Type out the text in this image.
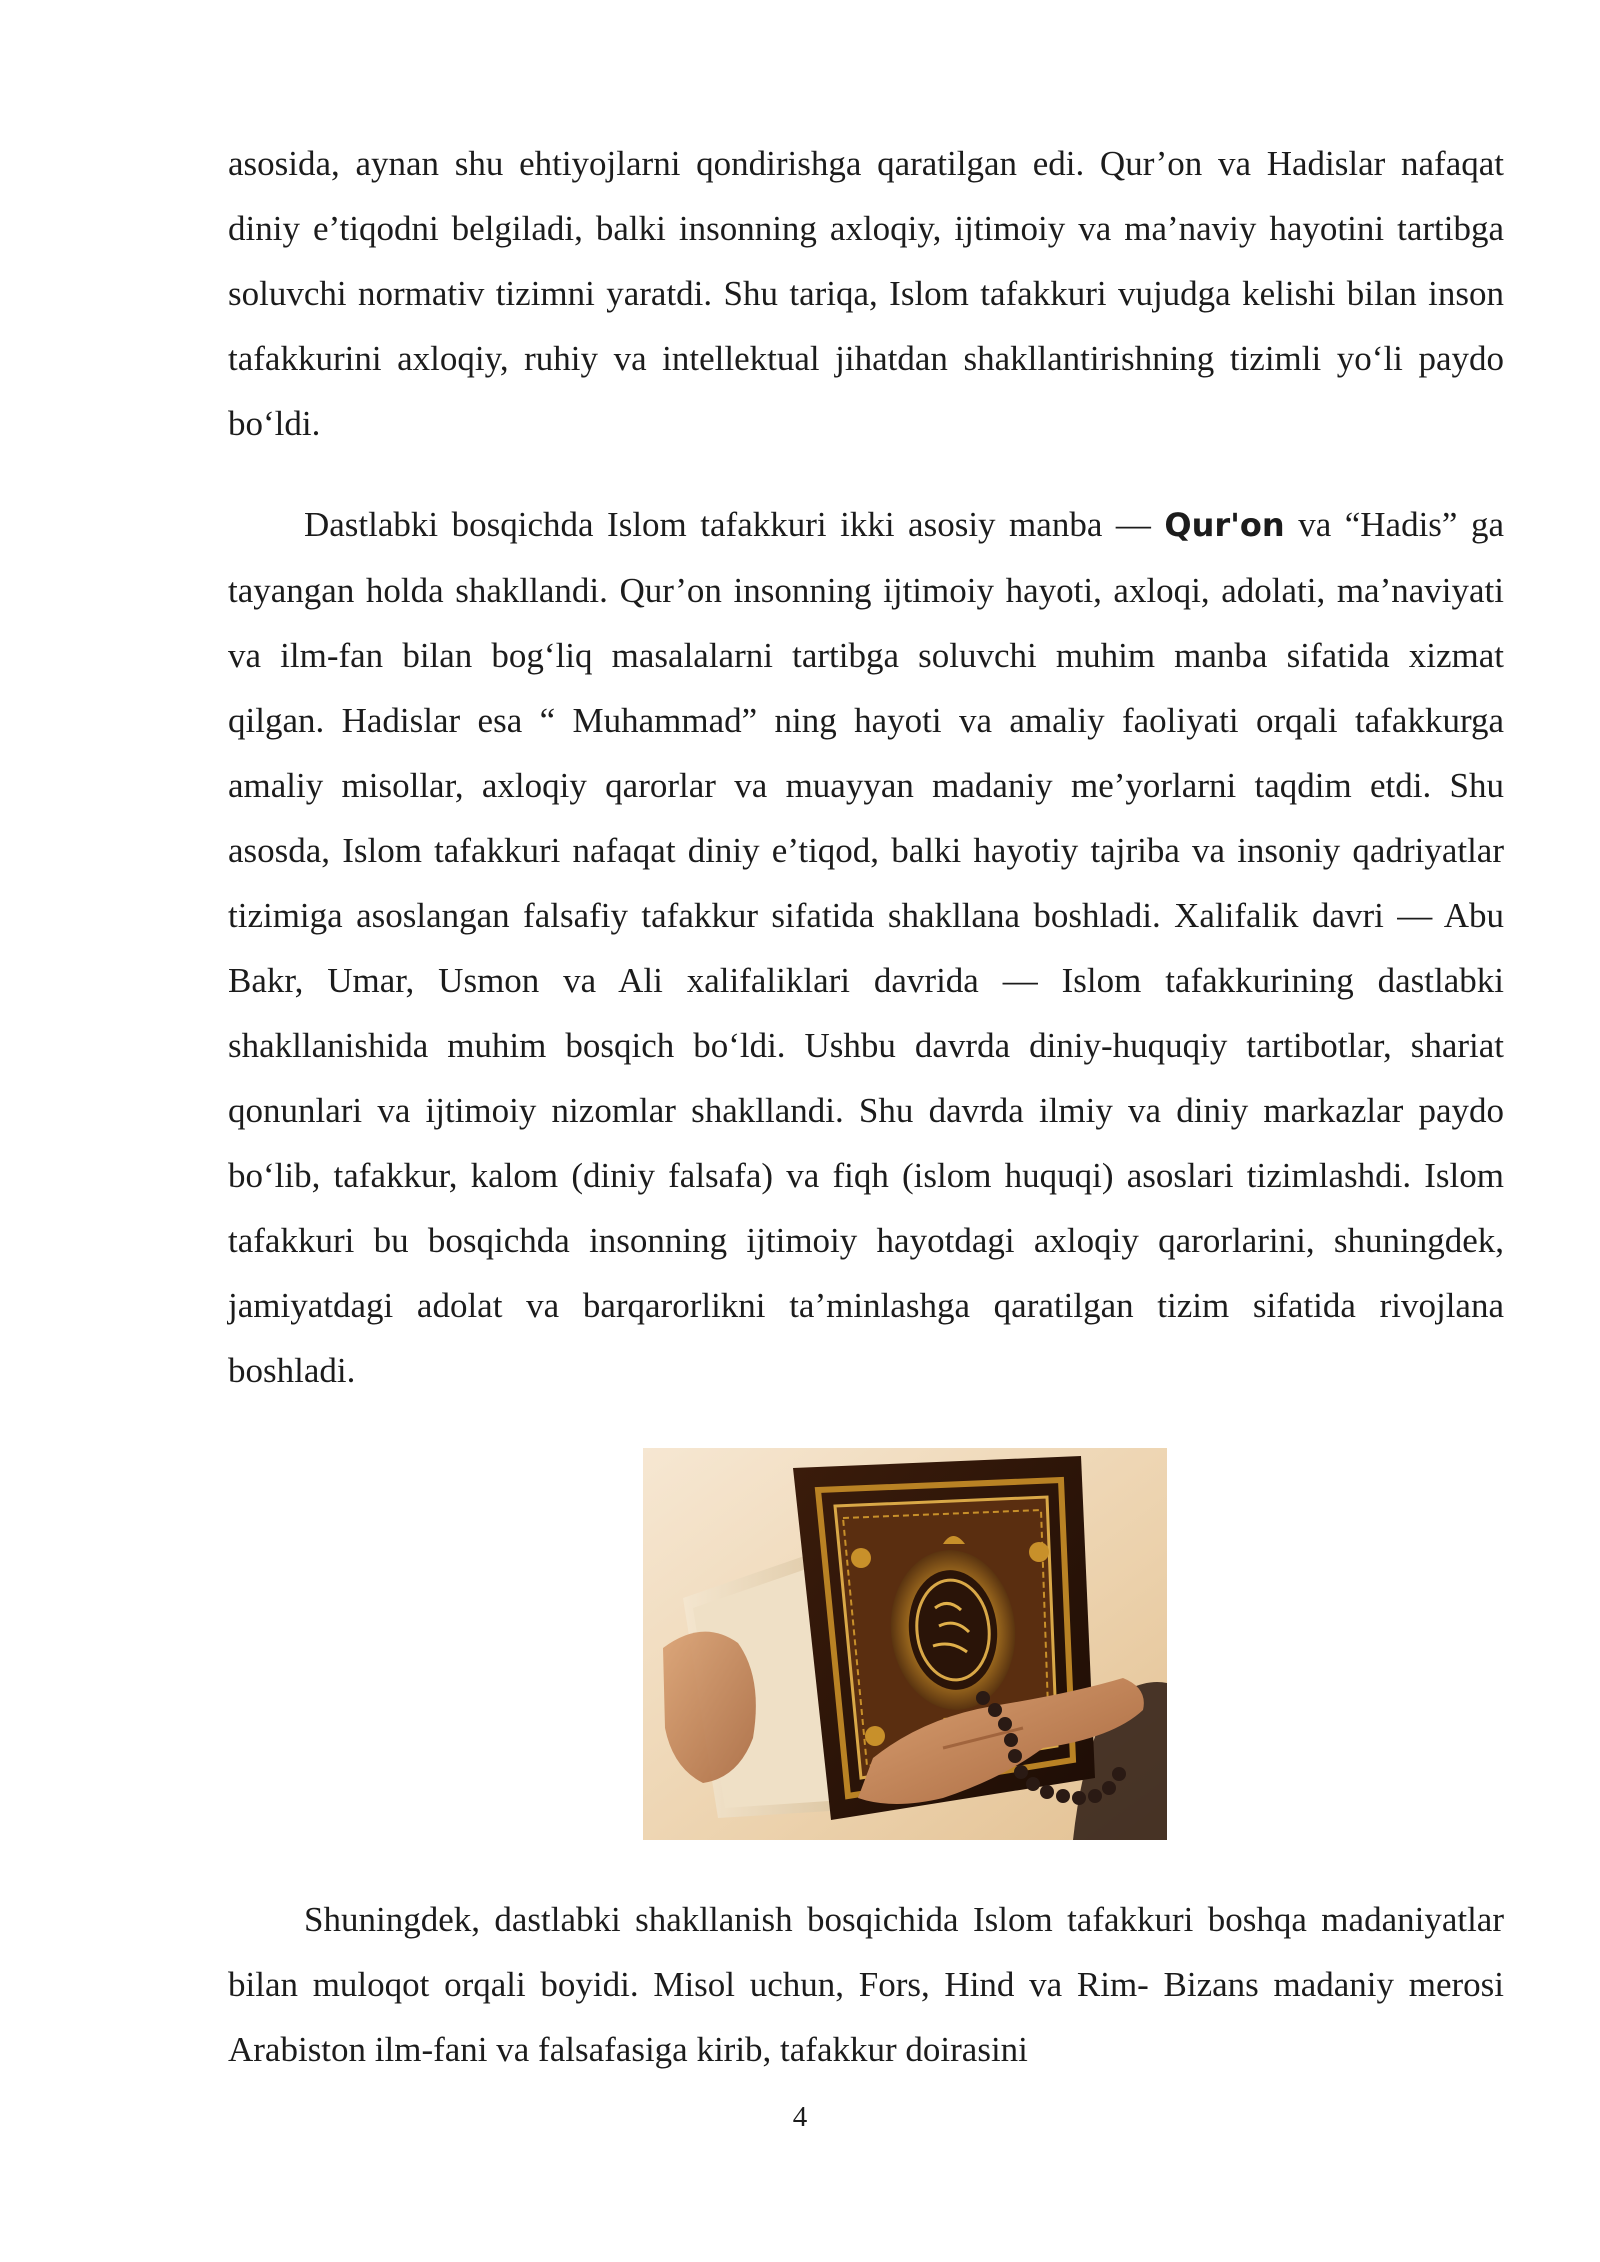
asosida, aynan shu ehtiyojlarni qondirishga qaratilgan edi. Qur’on va Hadislar nafaqat diniy e’tiqodni belgiladi, balki insonning axloqiy, ijtimoiy va ma’naviy hayotini tartibga soluvchi normativ tizimni yaratdi. Shu tariqa, Islom tafakkuri vujudga kelishi bilan inson tafakkurini axloqiy, ruhiy va intellektual jihatdan shakllantirishning tizimli yo‘li paydo bo‘ldi.

Dastlabki bosqichda Islom tafakkuri ikki asosiy manba — Qur'on va “Hadis” ga tayangan holda shakllandi. Qur’on insonning ijtimoiy hayoti, axloqi, adolati, ma’naviyati va ilm-fan bilan bog‘liq masalalarni tartibga soluvchi muhim manba sifatida xizmat qilgan. Hadislar esa “ Muhammad” ning hayoti va amaliy faoliyati orqali tafakkurga amaliy misollar, axloqiy qarorlar va muayyan madaniy me’yorlarni taqdim etdi. Shu asosda, Islom tafakkuri nafaqat diniy e’tiqod, balki hayotiy tajriba va insoniy qadriyatlar tizimiga asoslangan falsafiy tafakkur sifatida shakllana boshladi. Xalifalik davri — Abu Bakr, Umar, Usmon va Ali xalifaliklari davrida — Islom tafakkurining dastlabki shakllanishida muhim bosqich bo‘ldi. Ushbu davrda diniy-huquqiy tartibotlar, shariat qonunlari va ijtimoiy nizomlar shakllandi. Shu davrda ilmiy va diniy markazlar paydo bo‘lib, tafakkur, kalom (diniy falsafa) va fiqh (islom huquqi) asoslari tizimlashdi. Islom tafakkuri bu bosqichda insonning ijtimoiy hayotdagi axloqiy qarorlarini, shuningdek, jamiyatdagi adolat va barqarorlikni ta’minlashga qaratilgan tizim sifatida rivojlana boshladi.

Shuningdek, dastlabki shakllanish bosqichida Islom tafakkuri boshqa madaniyatlar bilan muloqot orqali boyidi. Misol uchun, Fors, Hind va Rim- Bizans madaniy merosi Arabiston ilm-fani va falsafasiga kirib, tafakkur doirasini

4
